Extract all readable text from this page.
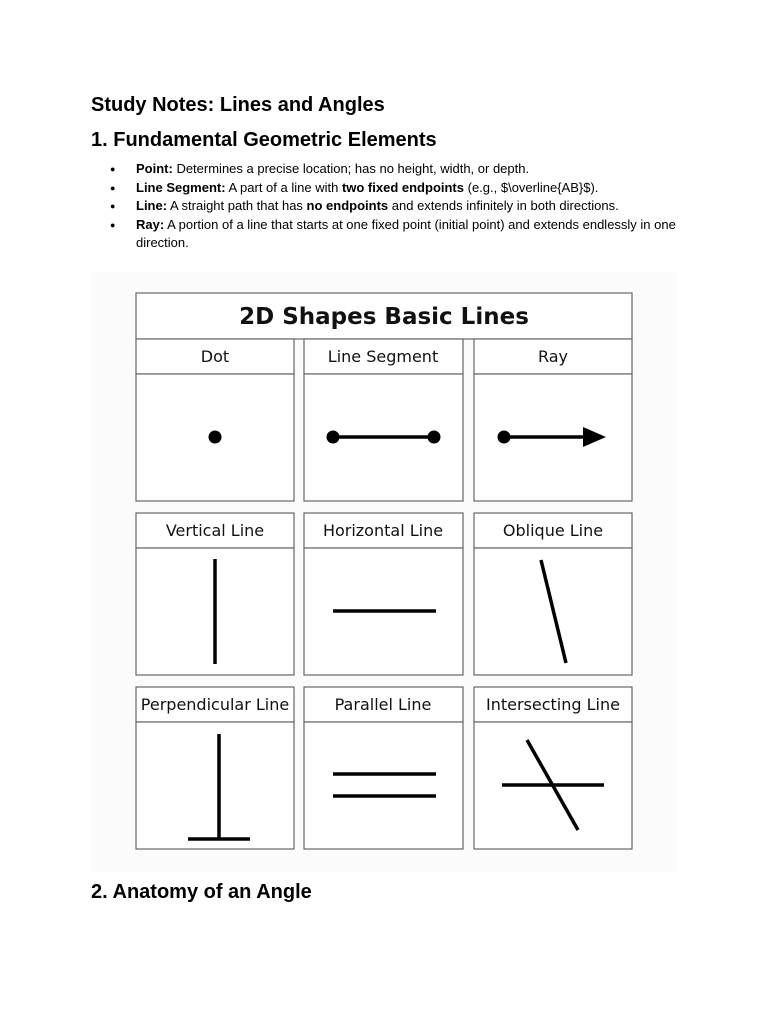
Study Notes: Lines and Angles
1. Fundamental Geometric Elements
● Point: Determines a precise location; has no height, width, or depth.
● Line Segment: A part of a line with two fixed endpoints (e.g., $\overline{AB}$).
● Line: A straight path that has no endpoints and extends infinitely in both directions.
● Ray: A portion of a line that starts at one fixed point (initial point) and extends endlessly in one direction.
2D Shapes Basic Lines
Dot	Line Segment	Ray
Vertical Line	Horizontal Line	Oblique Line
Perpendicular Line	Parallel Line	Intersecting Line
2. Anatomy of an Angle
